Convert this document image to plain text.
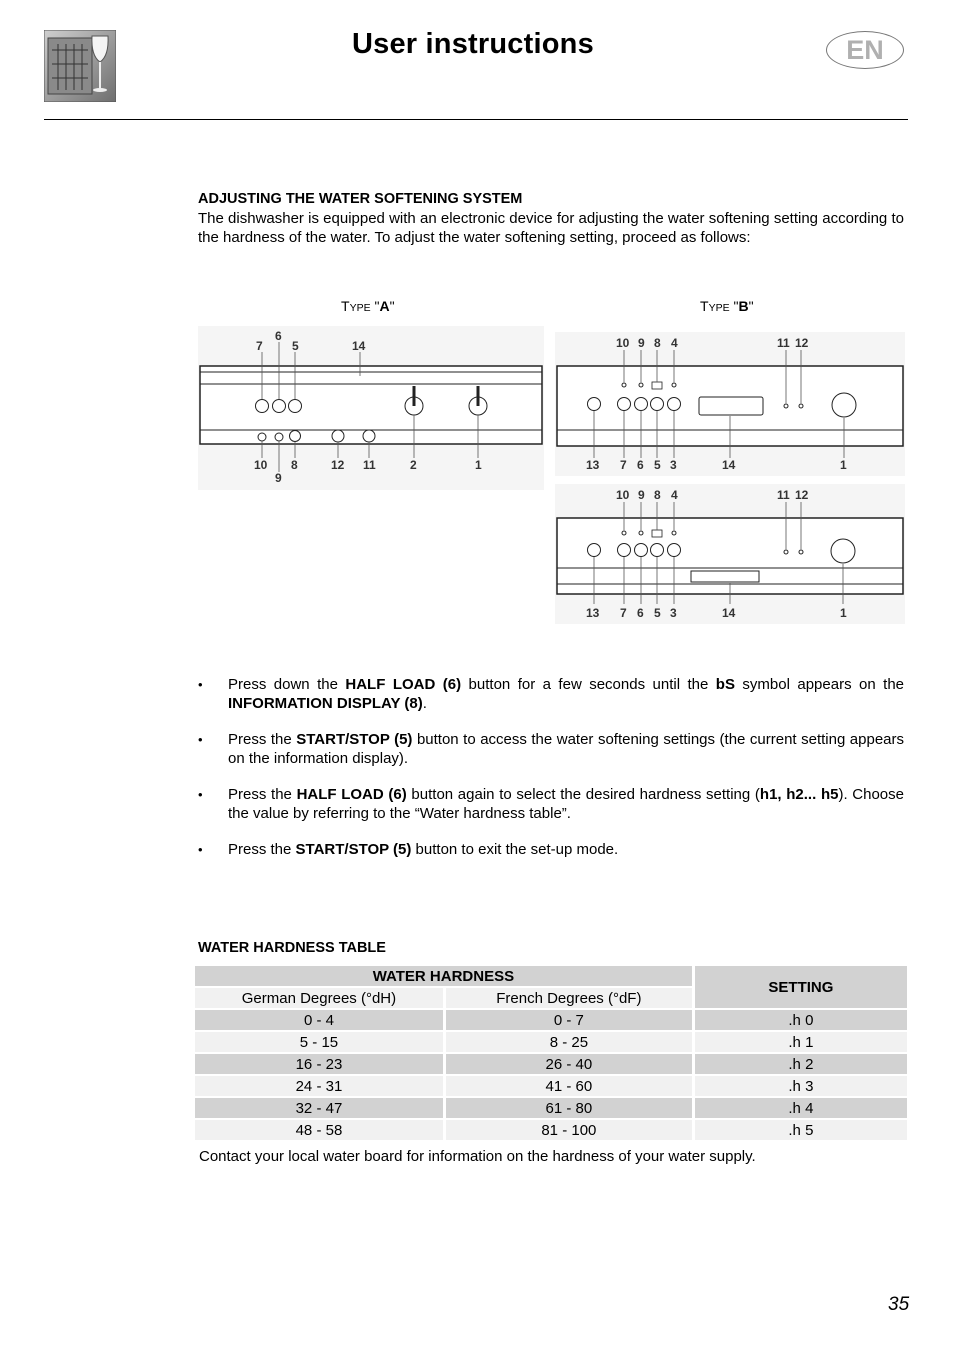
User instructions	EN
ADJUSTING THE WATER SOFTENING SYSTEM
The dishwasher is equipped with an electronic device for adjusting the water softening setting according to the hardness of the water. To adjust the water softening setting, proceed as follows:
TYPE "A"	TYPE "B"
7
6
5	14
10
9
8	12 11	2	1
10 9 8 4	11 12
13 7 6 5 3	14	1
10 9 8 4	11 12
13 7 6 5 3	14	1
• Press down the HALF LOAD (6) button for a few seconds until the bS symbol appears on the INFORMATION DISPLAY (8).
• Press the START/STOP (5) button to access the water softening settings (the current setting appears on the information display).
• Press the HALF LOAD (6) button again to select the desired hardness setting (h1, h2... h5). Choose the value by referring to the “Water hardness table”.
• Press the START/STOP (5) button to exit the set-up mode.
WATER HARDNESS TABLE
WATER HARDNESS		SETTING
German Degrees (°dH)	French Degrees (°dF)	
0 - 4	0 - 7	.h 0
5 - 15	8 - 25	.h 1
16 - 23	26 - 40	.h 2
24 - 31	41 - 60	.h 3
32 - 47	61 - 80	.h 4
48 - 58	81 - 100	.h 5
Contact your local water board for information on the hardness of your water supply.
35
